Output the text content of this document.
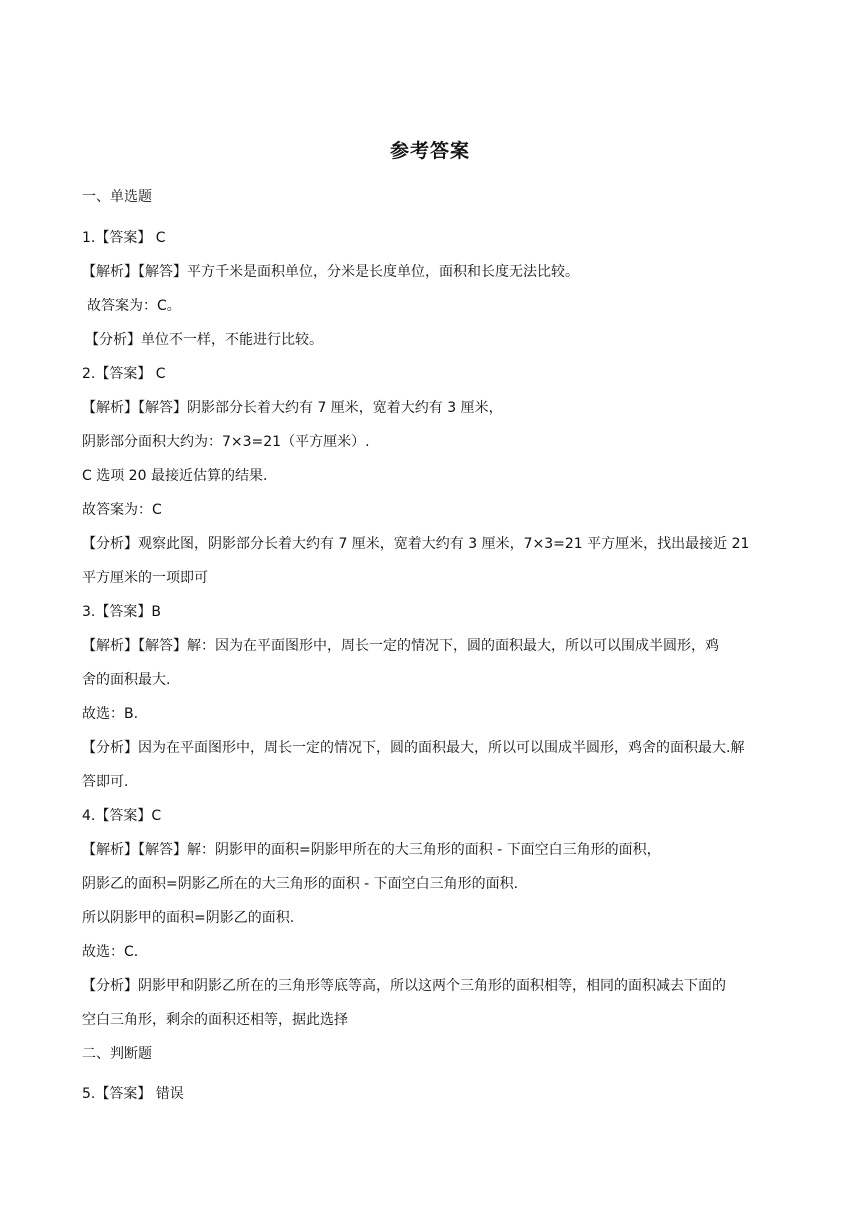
参考答案
一、单选题
1.【答案】 C
【解析】【解答】平方千米是面积单位，分米是长度单位，面积和长度无法比较。
故答案为：C。
【分析】单位不一样，不能进行比较。
2.【答案】 C
【解析】【解答】阴影部分长着大约有 7 厘米，宽着大约有 3 厘米，
阴影部分面积大约为：7×3=21（平方厘米）.
C 选项 20 最接近估算的结果.
故答案为：C
【分析】观察此图，阴影部分长着大约有 7 厘米，宽着大约有 3 厘米，7×3=21 平方厘米，找出最接近 21
平方厘米的一项即可
3.【答案】B
【解析】【解答】解：因为在平面图形中，周长一定的情况下，圆的面积最大，所以可以围成半圆形，鸡
舍的面积最大.
故选：B.
【分析】因为在平面图形中，周长一定的情况下，圆的面积最大，所以可以围成半圆形，鸡舍的面积最大.解
答即可.
4.【答案】C
【解析】【解答】解：阴影甲的面积=阴影甲所在的大三角形的面积 - 下面空白三角形的面积，
阴影乙的面积=阴影乙所在的大三角形的面积 - 下面空白三角形的面积.
所以阴影甲的面积=阴影乙的面积.
故选：C.
【分析】阴影甲和阴影乙所在的三角形等底等高，所以这两个三角形的面积相等，相同的面积减去下面的
空白三角形，剩余的面积还相等，据此选择
二、判断题
5.【答案】 错误
